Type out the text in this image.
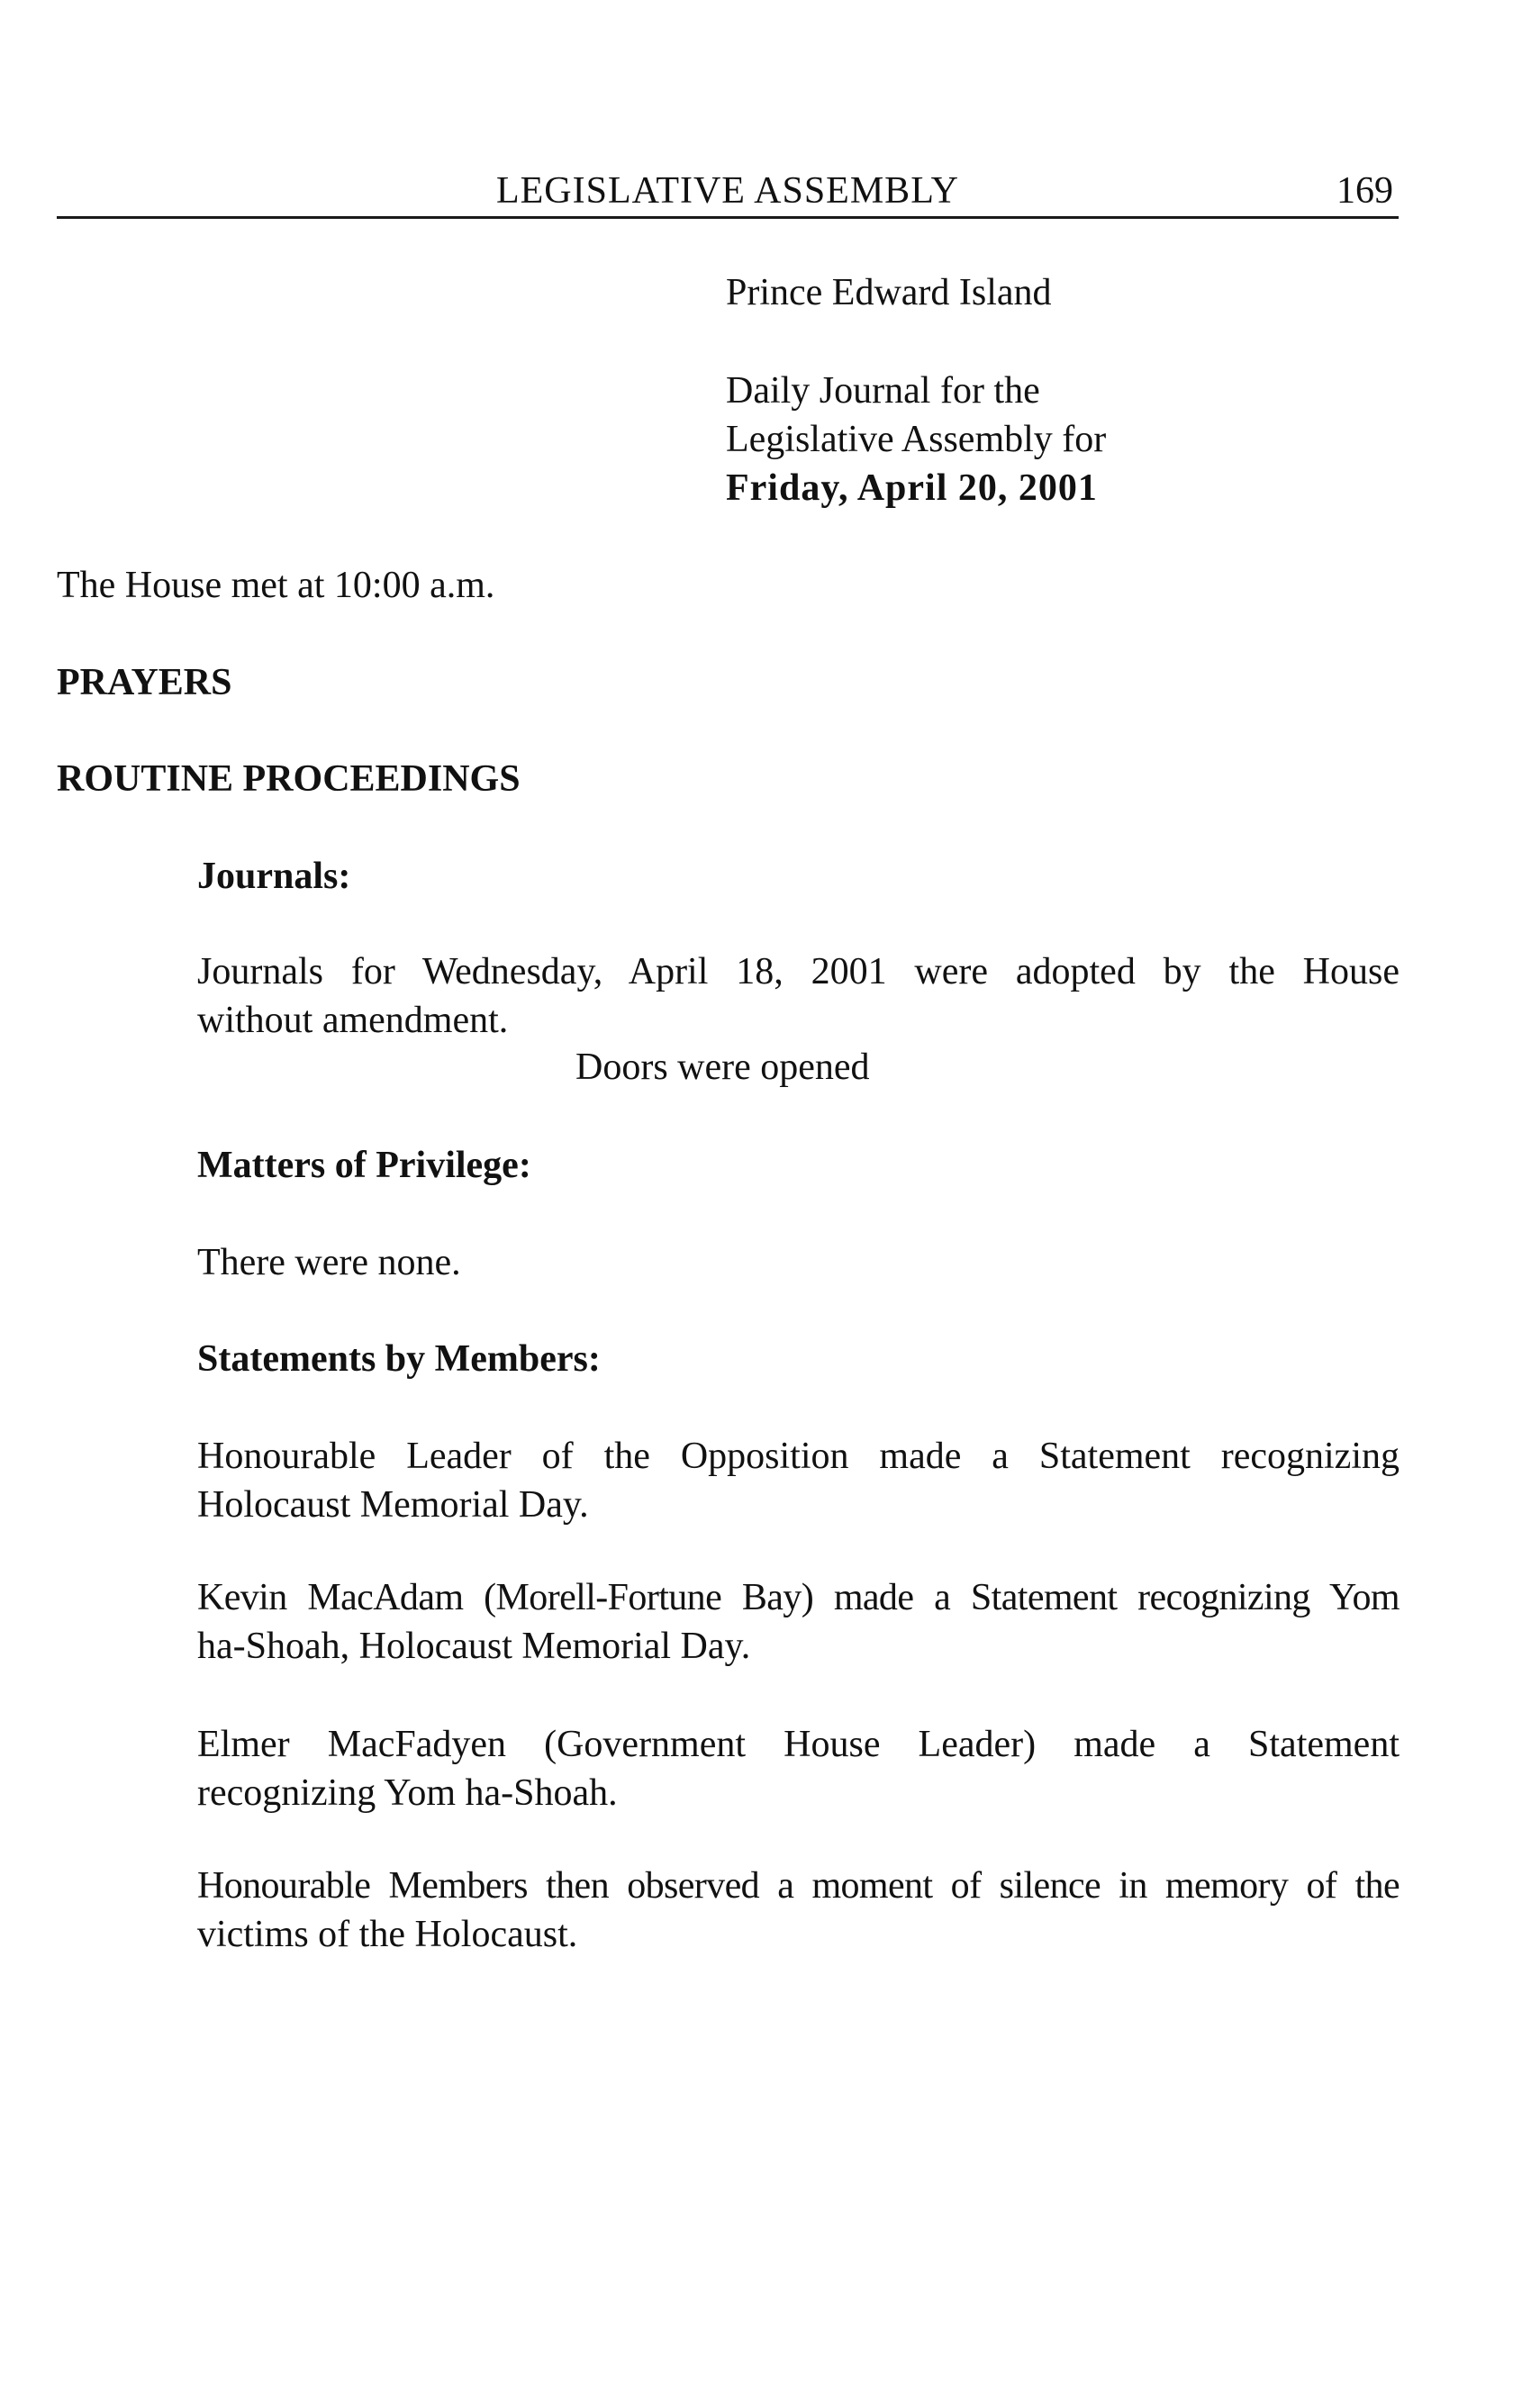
LEGISLATIVE ASSEMBLY	169
Prince Edward Island
Daily Journal for the
Legislative Assembly for
Friday, April 20, 2001
The House met at 10:00 a.m.
PRAYERS
ROUTINE PROCEEDINGS
Journals:
Journals for Wednesday, April 18, 2001 were adopted by the House
without amendment.
Doors were opened
Matters of Privilege:
There were none.
Statements by Members:
Honourable Leader of the Opposition made a Statement recognizing
Holocaust Memorial Day.
Kevin MacAdam (Morell-Fortune Bay) made a Statement recognizing Yom
ha-Shoah, Holocaust Memorial Day.
Elmer MacFadyen (Government House Leader) made a Statement
recognizing Yom ha-Shoah.
Honourable Members then observed a moment of silence in memory of the
victims of the Holocaust.
